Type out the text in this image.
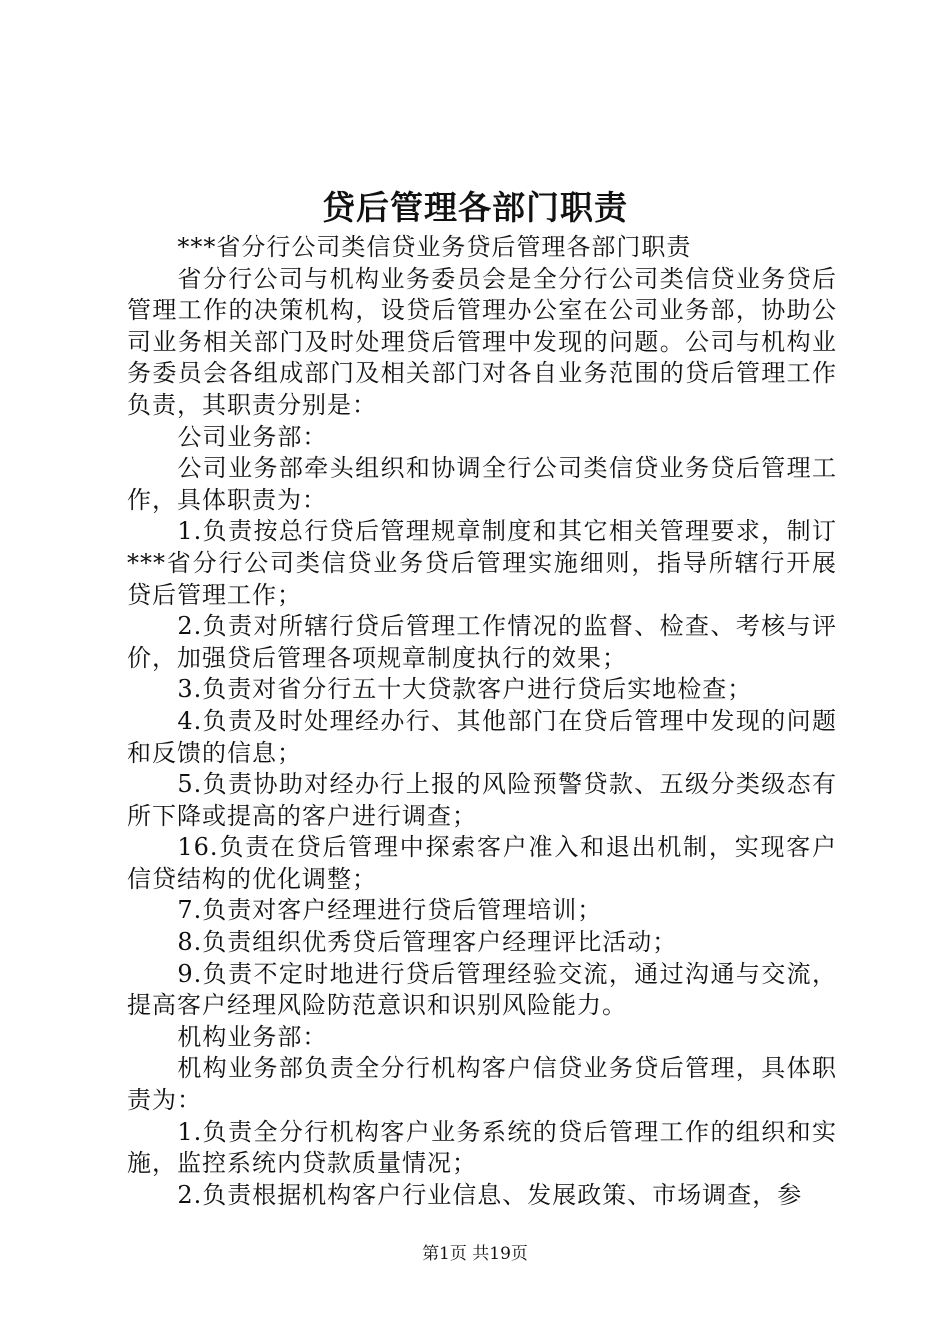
贷后管理各部门职责

***省分行公司类信贷业务贷后管理各部门职责

省分行公司与机构业务委员会是全分行公司类信贷业务贷后管理工作的决策机构，设贷后管理办公室在公司业务部，协助公司业务相关部门及时处理贷后管理中发现的问题。公司与机构业务委员会各组成部门及相关部门对各自业务范围的贷后管理工作负责，其职责分别是：

公司业务部：

公司业务部牵头组织和协调全行公司类信贷业务贷后管理工作，具体职责为：

1.负责按总行贷后管理规章制度和其它相关管理要求，制订***省分行公司类信贷业务贷后管理实施细则，指导所辖行开展贷后管理工作；

2.负责对所辖行贷后管理工作情况的监督、检查、考核与评价，加强贷后管理各项规章制度执行的效果；

3.负责对省分行五十大贷款客户进行贷后实地检查；

4.负责及时处理经办行、其他部门在贷后管理中发现的问题和反馈的信息；

5.负责协助对经办行上报的风险预警贷款、五级分类级态有所下降或提高的客户进行调查；

16.负责在贷后管理中探索客户准入和退出机制，实现客户信贷结构的优化调整；

7.负责对客户经理进行贷后管理培训；

8.负责组织优秀贷后管理客户经理评比活动；

9.负责不定时地进行贷后管理经验交流，通过沟通与交流，提高客户经理风险防范意识和识别风险能力。

机构业务部：

机构业务部负责全分行机构客户信贷业务贷后管理，具体职责为：

1.负责全分行机构客户业务系统的贷后管理工作的组织和实施，监控系统内贷款质量情况；

2.负责根据机构客户行业信息、发展政策、市场调查，参

第1页 共19页
